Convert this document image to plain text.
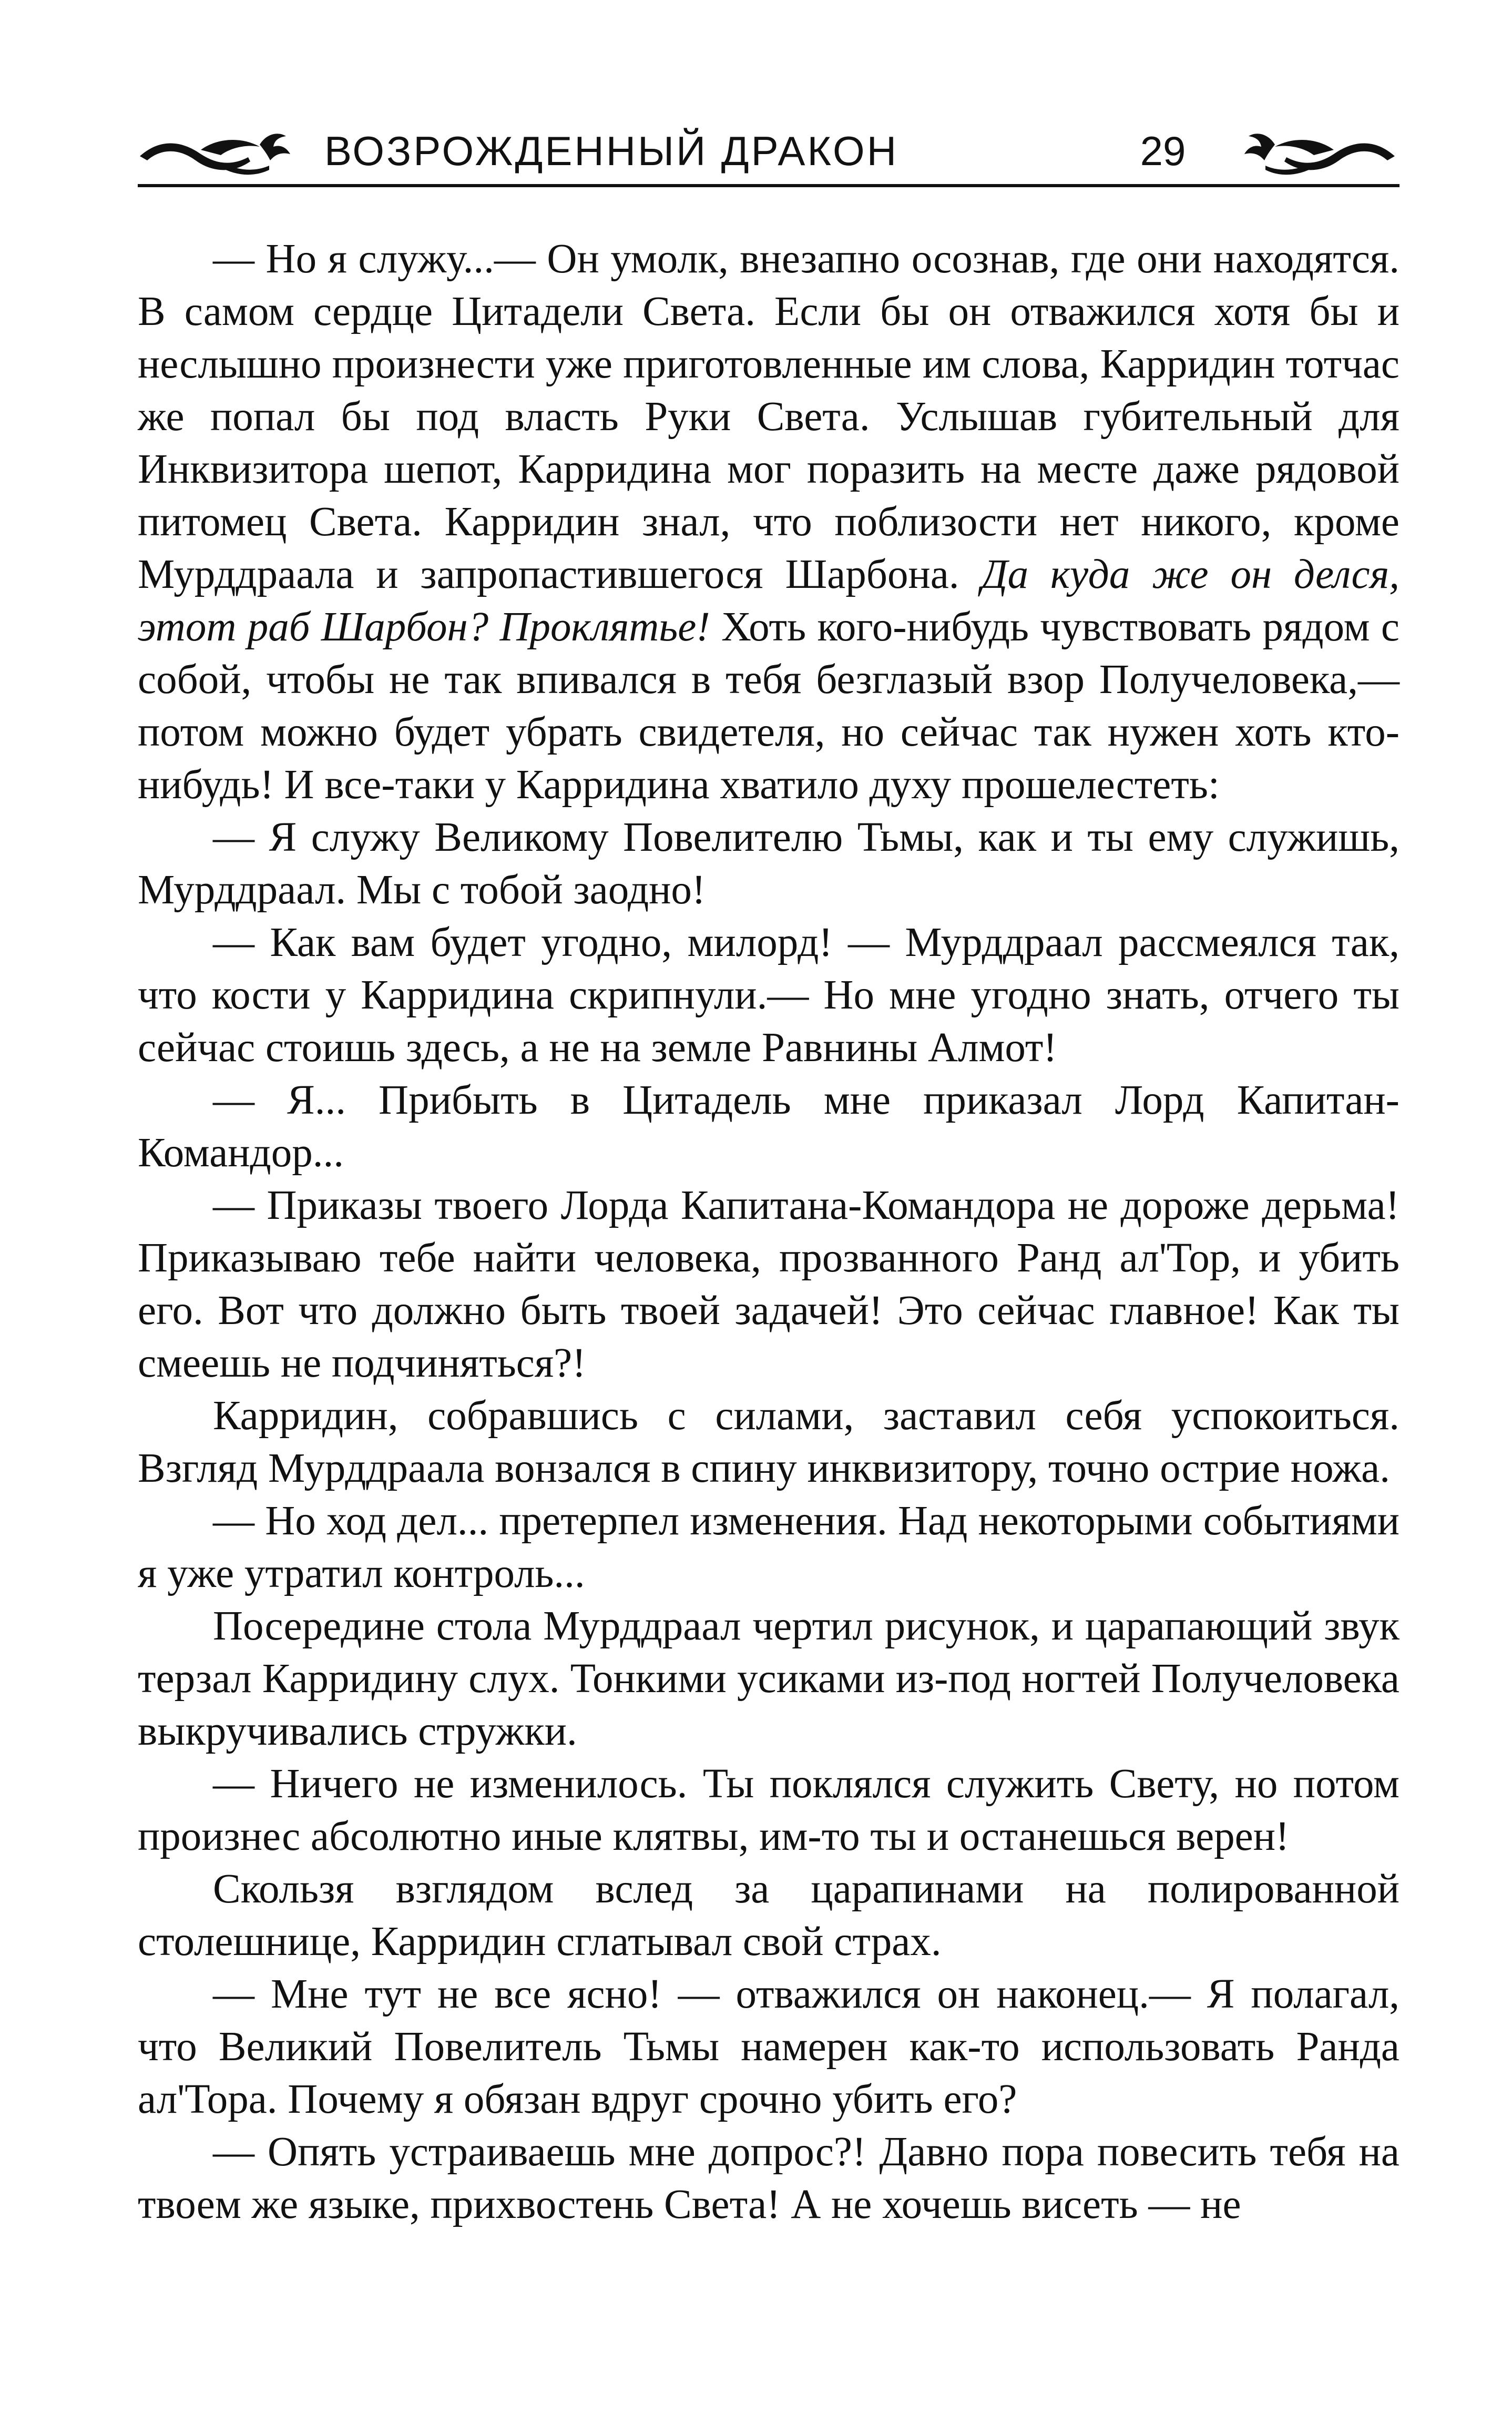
ВОЗРОЖДЕННЫЙ ДРАКОН	29

— Но я служу...— Он умолк, внезапно осознав, где они находятся. В самом сердце Цитадели Света. Если бы он отважился хотя бы и неслышно произнести уже приготовленные им слова, Карридин тотчас же попал бы под власть Руки Света. Услышав губительный для Инквизитора шепот, Карридина мог поразить на месте даже рядовой питомец Света. Карридин знал, что поблизости нет никого, кроме Мурддраала и запропастившегося Шарбона. Да куда же он делся, этот раб Шарбон? Проклятье! Хоть кого-нибудь чувствовать рядом с собой, чтобы не так впивался в тебя безглазый взор Получеловека,— потом можно будет убрать свидетеля, но сейчас так нужен хоть кто-нибудь! И все-таки у Карридина хватило духу прошелестеть:

— Я служу Великому Повелителю Тьмы, как и ты ему служишь, Мурддраал. Мы с тобой заодно!

— Как вам будет угодно, милорд! — Мурддраал рассмеялся так, что кости у Карридина скрипнули.— Но мне угодно знать, отчего ты сейчас стоишь здесь, а не на земле Равнины Алмот!

— Я... Прибыть в Цитадель мне приказал Лорд Капитан-Командор...

— Приказы твоего Лорда Капитана-Командора не дороже дерьма! Приказываю тебе найти человека, прозванного Ранд ал'Тор, и убить его. Вот что должно быть твоей задачей! Это сейчас главное! Как ты смеешь не подчиняться?!

Карридин, собравшись с силами, заставил себя успокоиться. Взгляд Мурддраала вонзался в спину инквизитору, точно острие ножа.

— Но ход дел... претерпел изменения. Над некоторыми событиями я уже утратил контроль...

Посередине стола Мурддраал чертил рисунок, и царапающий звук терзал Карридину слух. Тонкими усиками из-под ногтей Получеловека выкручивались стружки.

— Ничего не изменилось. Ты поклялся служить Свету, но потом произнес абсолютно иные клятвы, им-то ты и останешься верен!

Скользя взглядом вслед за царапинами на полированной столешнице, Карридин сглатывал свой страх.

— Мне тут не все ясно! — отважился он наконец.— Я полагал, что Великий Повелитель Тьмы намерен как-то использовать Ранда ал'Тора. Почему я обязан вдруг срочно убить его?

— Опять устраиваешь мне допрос?! Давно пора повесить тебя на твоем же языке, прихвостень Света! А не хочешь висеть — не
